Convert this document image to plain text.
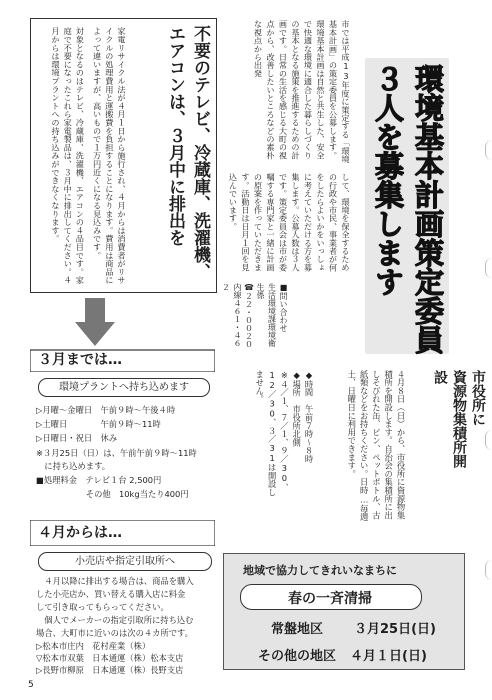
不要のテレビ、冷蔵庫、洗濯機、

エアコンは、３月中に排出を

家電リサイクル法が４月１日から施行され、４月からは消費者がリサイクルの処理費用と運搬費を負担することになります。費用は商品によって違いますが、高いもので１万円近くになる見込みです。

対象となるのはテレビ、冷蔵庫、洗濯機、エアコンの４品目です。家庭で不要になったこれら家電製品は、３月中に排出してください。４月からは環境プラントへの持ち込みができなくなります。

３月までは…
環境プラントへ持ち込めます
▷月曜～金曜日　午前９時～午後４時
▷土曜日　　　　午前９時～11時
▷日曜日・祝日　休み
※３月25日（日）は、午前午前９時～11時
　に持ち込めます。
■処理料金　テレビ１台 2,500円
　　　　　　その他　10kg当たり400円
４月からは…
小売店や指定引取所へ
　４月以降に排出する場合は、商品を購入
した小売店か、買い替える購入店に料金
して引き取ってもらってください。
　個人でメーカーの指定引取所に持ち込む
場合、大町市に近いのは次の４カ所です。
▷松本市庄内　花村産業（株）
▽松本市双葉　日本通運（株）松本支店
▷長野市柳原　日本通運（株）長野支店
5
市では平成13年度に策定する「環境基本計画」の策定委員を公募します。環境基本計画は自然と共生した、安全で快適な環境に適合した暮らしづくりの基本となる施策を推進するための計画です。日常の生活を感じる大町の視点から、改善したいところなどの素朴な視点から出発
して、環境を保全するための行政や市民、事業者が何をしたらよいかをいっしょに考えていただける方を募集します。公募人数は３人です。策定委員会は市が委嘱する専門家と一緒に計画の原案を作っていただきます。活動日は日月１回を見込んでいます。	環境基本計画策定委員
３人を募集します

■問い合わせ

生活環境課環境衛生係

☎２２・００２０

内線４６１・４６２

市役所に

資源物集積所開設

４月８日（日）から、市役所に資源物集積所を開設します。自治会の集積所に出しそびれた缶、ビン、ペットボトル、古紙類などをお持ちください。日時…毎週土、日曜日に利用できます。

◆時間　午前７時～８時

◆場所　市役所北側

※４／１、７／１、９／30、12／30、３／31は開設しません。

地域で協力してきれいなまちに
春の一斉清掃
常盤地区 ３月25日(日)
その他の地区 ４月１日(日)
